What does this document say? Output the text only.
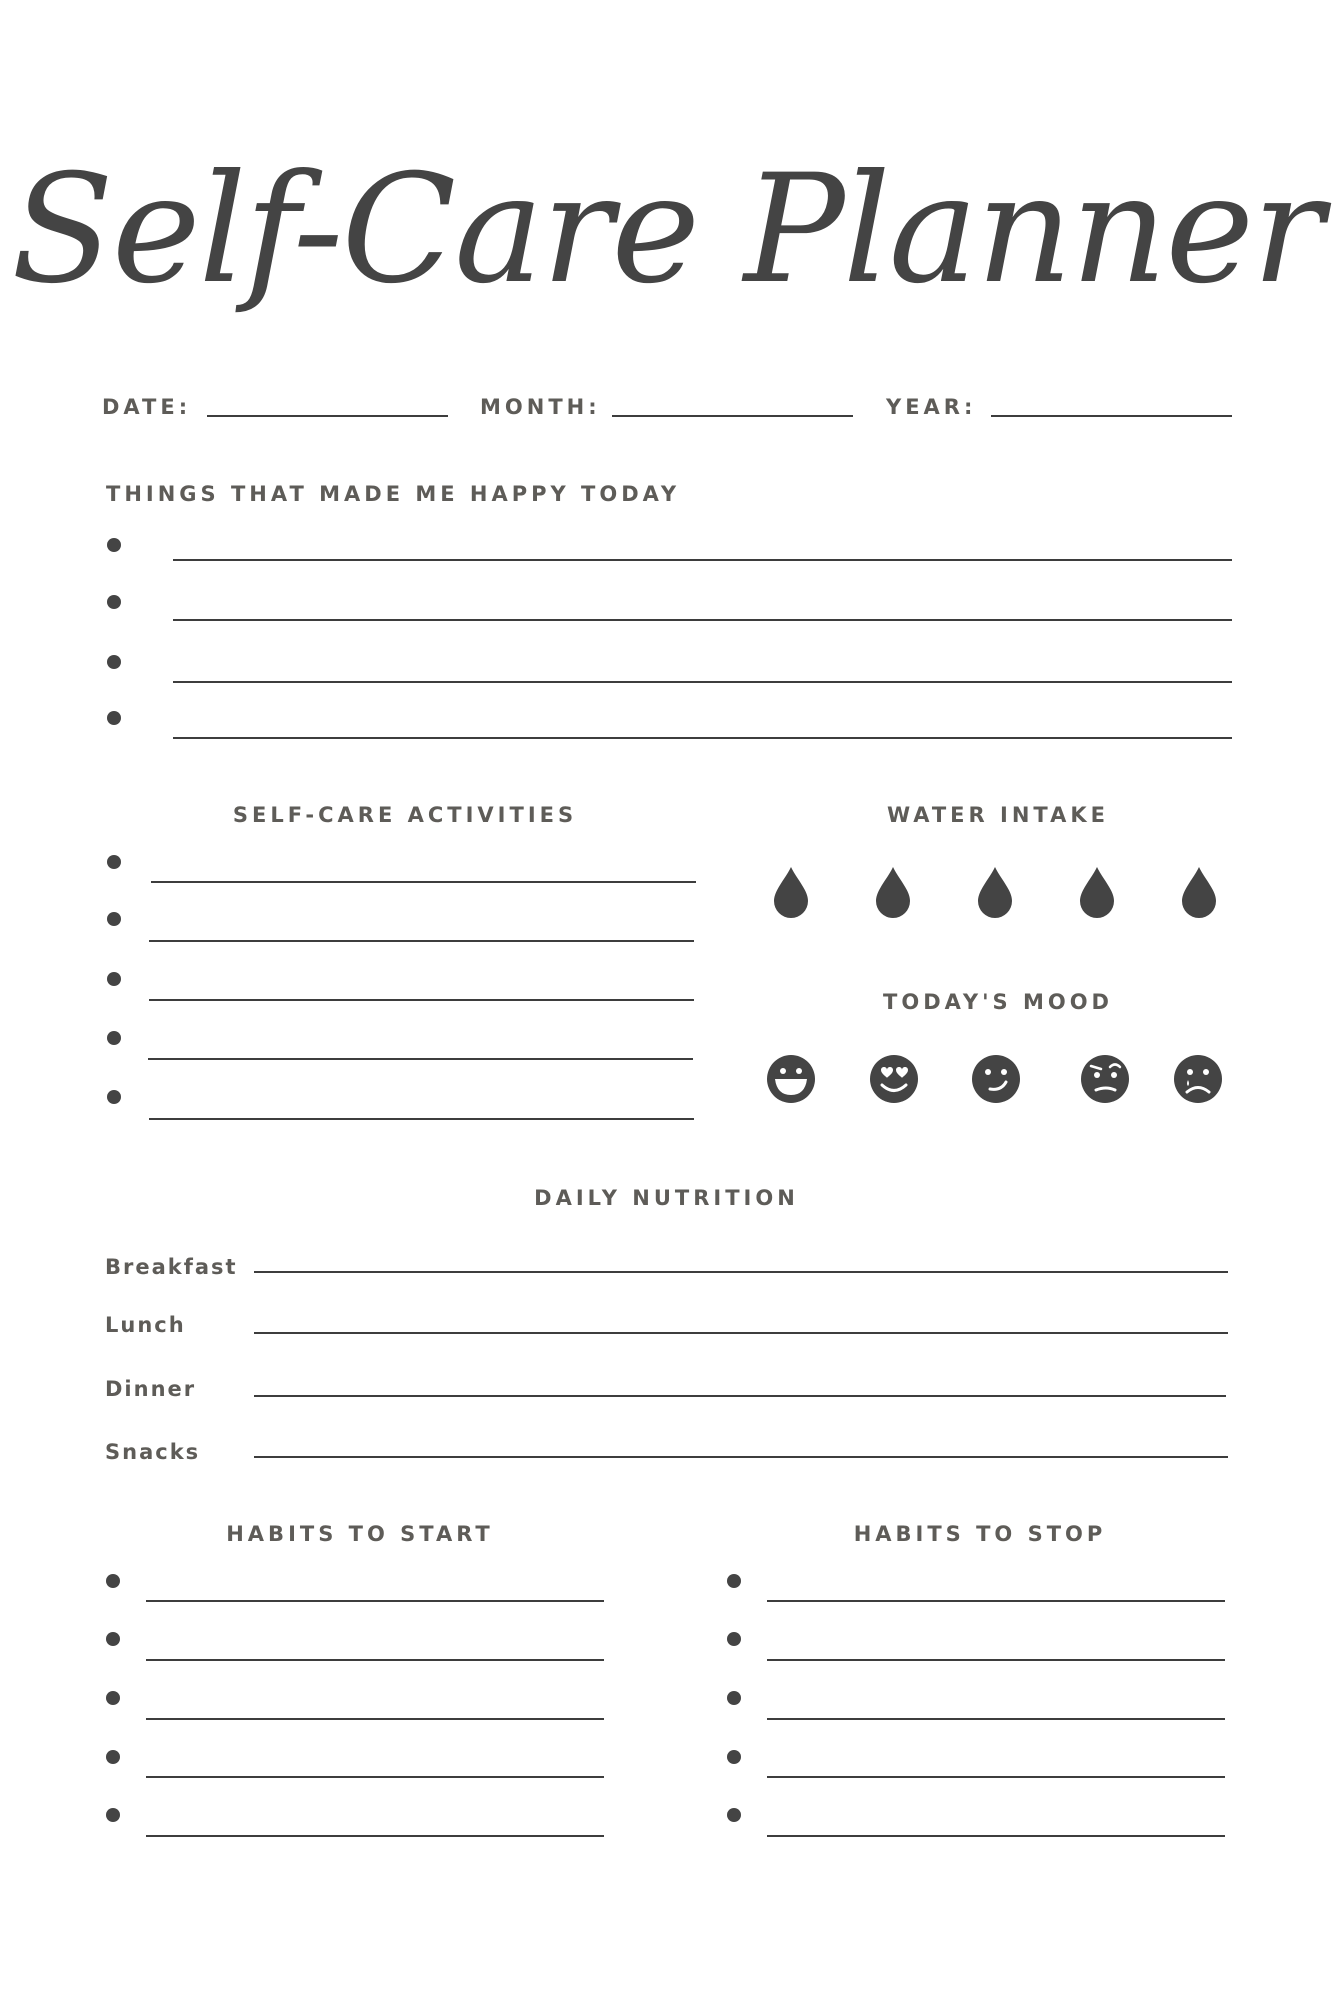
Self-Care Planner
DATE:	MONTH:	YEAR:
THINGS THAT MADE ME HAPPY TODAY
SELF-CARE ACTIVITIES	WATER INTAKE
TODAY'S MOOD
DAILY NUTRITION
Breakfast
Lunch
Dinner
Snacks
HABITS TO START	HABITS TO STOP
